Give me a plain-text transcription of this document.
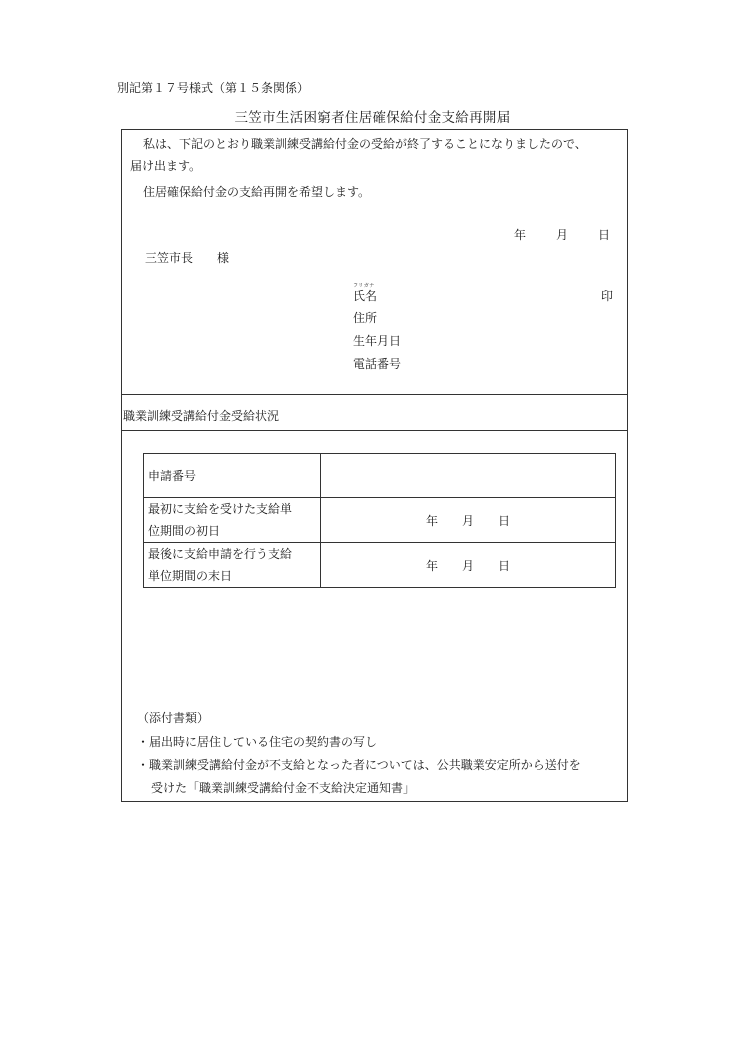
別記第１７号様式（第１５条関係）
三笠市生活困窮者住居確保給付金支給再開届
私は、下記のとおり職業訓練受講給付金の受給が終了することになりましたので、
届け出ます。
住居確保給付金の支給再開を希望します。
年	月	日
三笠市長　　様
フリガナ
氏名	印
住所
生年月日
電話番号
職業訓練受講給付金受給状況
申請番号	

最初に支給を受けた支給単
位期間の初日	年　　月　　日

最後に支給申請を行う支給
単位期間の末日	年　　月　　日
（添付書類）
・届出時に居住している住宅の契約書の写し
・職業訓練受講給付金が不支給となった者については、公共職業安定所から送付を
受けた「職業訓練受講給付金不支給決定通知書」
